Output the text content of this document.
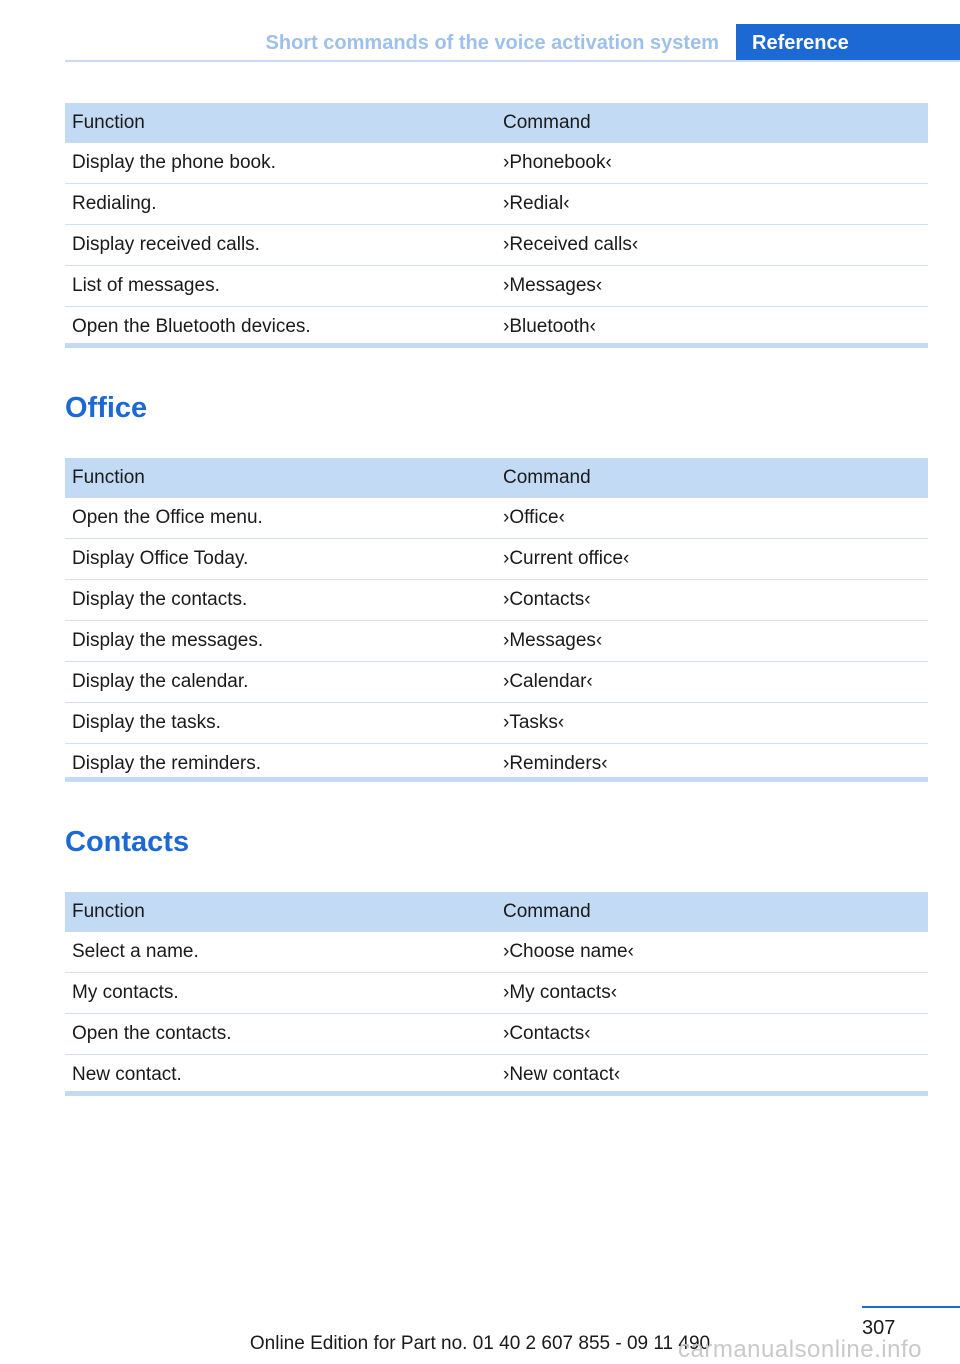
Short commands of the voice activation system	Reference
Function	Command
Display the phone book.	›Phonebook‹
Redialing.	›Redial‹
Display received calls.	›Received calls‹
List of messages.	›Messages‹
Open the Bluetooth devices.	›Bluetooth‹
Office
Function	Command
Open the Office menu.	›Office‹
Display Office Today.	›Current office‹
Display the contacts.	›Contacts‹
Display the messages.	›Messages‹
Display the calendar.	›Calendar‹
Display the tasks.	›Tasks‹
Display the reminders.	›Reminders‹
Contacts
Function	Command
Select a name.	›Choose name‹
My contacts.	›My contacts‹
Open the contacts.	›Contacts‹
New contact.	›New contact‹
307
Online Edition for Part no. 01 40 2 607 855 - 09 11 490
carmanualsonline.info
